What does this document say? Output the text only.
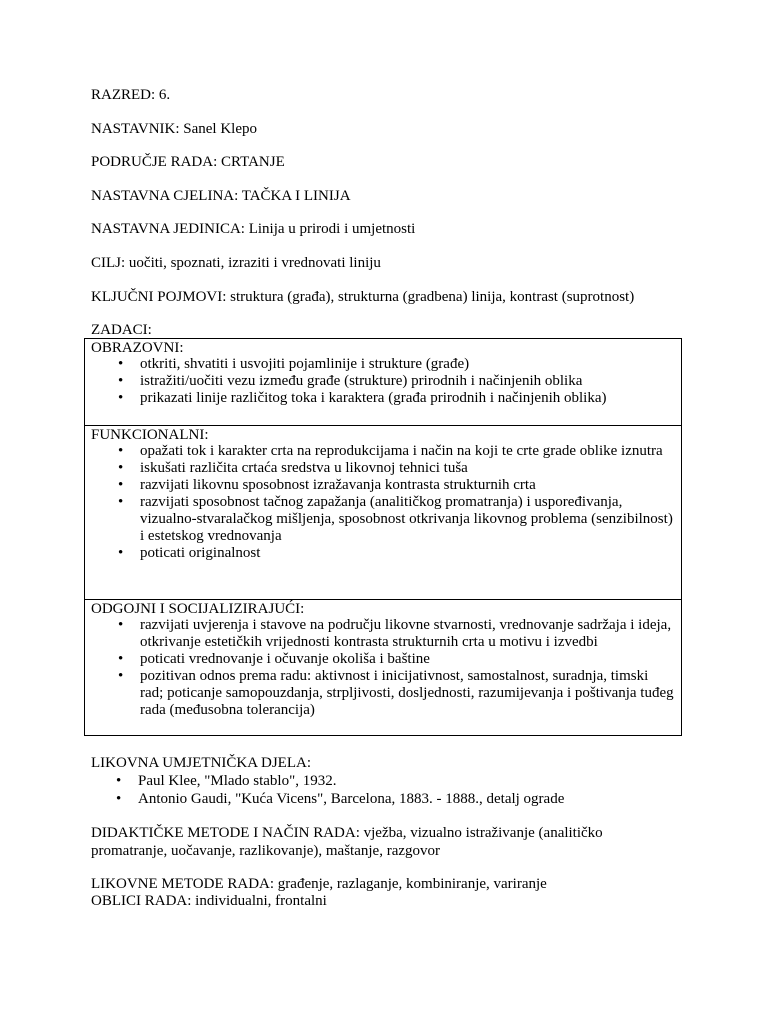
RAZRED: 6.
NASTAVNIK: Sanel Klepo
PODRUČJE RADA: CRTANJE
NASTAVNA CJELINA: TAČKA I LINIJA
NASTAVNA JEDINICA: Linija u prirodi i umjetnosti
CILJ: uočiti, spoznati, izraziti i vrednovati liniju
KLJUČNI POJMOVI: struktura (građa), strukturna (gradbena) linija, kontrast (suprotnost)
ZADACI:
OBRAZOVNI:
• otkriti, shvatiti i usvojiti pojamlinije i strukture (građe)
• istražiti/uočiti vezu između građe (strukture) prirodnih i načinjenih oblika
• prikazati linije različitog toka i karaktera (građa prirodnih i načinjenih oblika)
FUNKCIONALNI:
• opažati tok i karakter crta na reprodukcijama i način na koji te crte grade oblike iznutra
• iskušati različita crtaća sredstva u likovnoj tehnici tuša
• razvijati likovnu sposobnost izražavanja kontrasta strukturnih crta
• razvijati sposobnost tačnog zapažanja (analitičkog promatranja) i uspoređivanja, vizualno-stvaralačkog mišljenja, sposobnost otkrivanja likovnog problema (senzibilnost) i estetskog vrednovanja
• poticati originalnost
ODGOJNI I SOCIJALIZIRAJUĆI:
• razvijati uvjerenja i stavove na području likovne stvarnosti, vrednovanje sadržaja i ideja, otkrivanje estetičkih vrijednosti kontrasta strukturnih crta u motivu i izvedbi
• poticati vrednovanje i očuvanje okoliša i baštine
• pozitivan odnos prema radu: aktivnost i inicijativnost, samostalnost, suradnja, timski rad; poticanje samopouzdanja, strpljivosti, dosljednosti, razumijevanja i poštivanja tuđeg rada (međusobna tolerancija)
LIKOVNA UMJETNIČKA DJELA:
• Paul Klee, "Mlado stablo", 1932.
• Antonio Gaudi, "Kuća Vicens", Barcelona, 1883. - 1888., detalj ograde
DIDAKTIČKE METODE I NAČIN RADA: vježba, vizualno istraživanje (analitičko
promatranje, uočavanje, razlikovanje), maštanje, razgovor
LIKOVNE METODE RADA: građenje, razlaganje, kombiniranje, variranje
OBLICI RADA: individualni, frontalni
